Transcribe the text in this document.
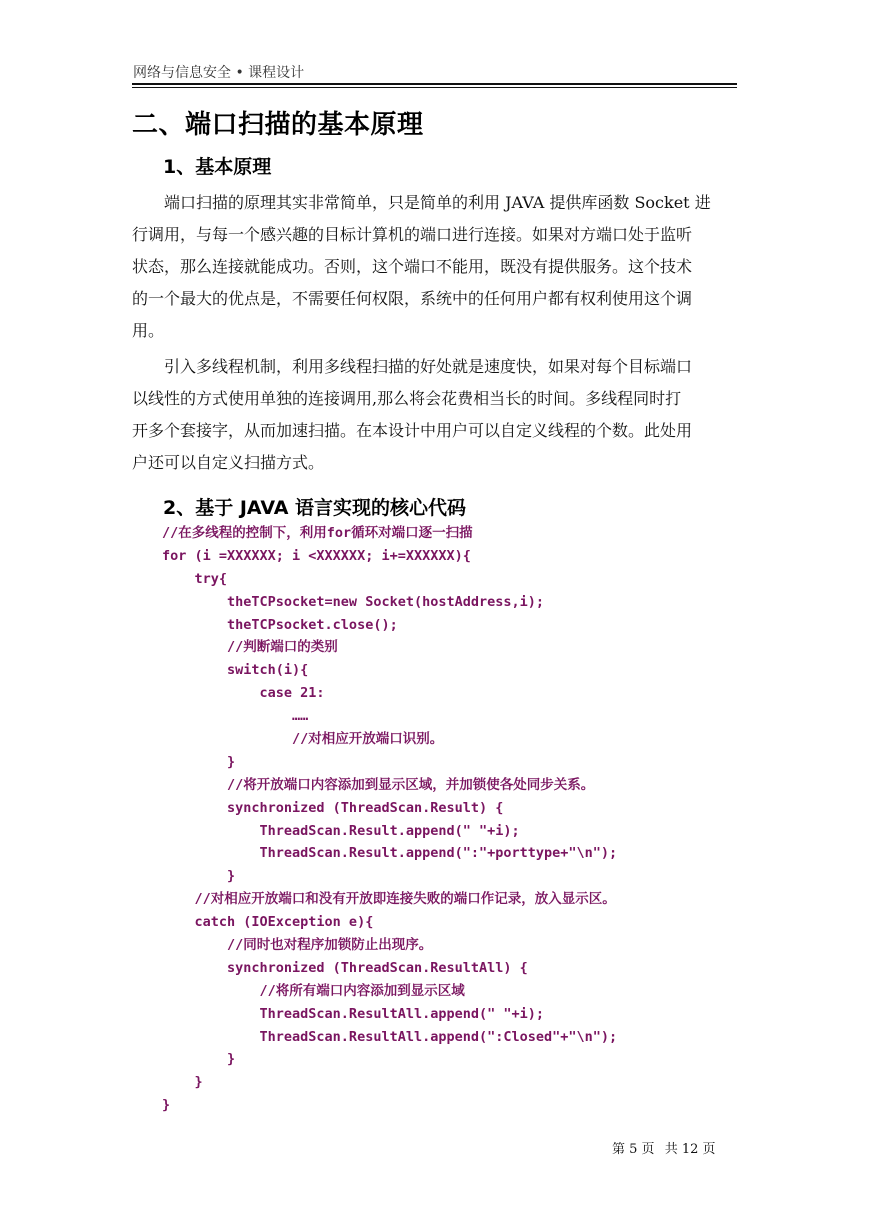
网络与信息安全 • 课程设计
二、端口扫描的基本原理
1、基本原理
端口扫描的原理其实非常简单，只是简单的利用 JAVA 提供库函数 Socket 进
行调用，与每一个感兴趣的目标计算机的端口进行连接。如果对方端口处于监听
状态，那么连接就能成功。否则，这个端口不能用，既没有提供服务。这个技术
的一个最大的优点是，不需要任何权限，系统中的任何用户都有权利使用这个调
用。
引入多线程机制，利用多线程扫描的好处就是速度快，如果对每个目标端口
以线性的方式使用单独的连接调用,那么将会花费相当长的时间。多线程同时打
开多个套接字，从而加速扫描。在本设计中用户可以自定义线程的个数。此处用
户还可以自定义扫描方式。
2、基于 JAVA 语言实现的核心代码
//在多线程的控制下，利用for循环对端口逐一扫描
for (i =XXXXXX; i <XXXXXX; i+=XXXXXX){
try{
theTCPsocket=new Socket(hostAddress,i);
theTCPsocket.close();
//判断端口的类别
switch(i){
case 21:
……
//对相应开放端口识别。
}
//将开放端口内容添加到显示区域，并加锁使各处同步关系。
synchronized (ThreadScan.Result) {
ThreadScan.Result.append(" "+i);
ThreadScan.Result.append(":"+porttype+"\n");
}
//对相应开放端口和没有开放即连接失败的端口作记录，放入显示区。
catch (IOException e){
//同时也对程序加锁防止出现序。
synchronized (ThreadScan.ResultAll) {
//将所有端口内容添加到显示区域
ThreadScan.ResultAll.append(" "+i);
ThreadScan.ResultAll.append(":Closed"+"\n");
}
}
}
第 5 页 共 12 页
